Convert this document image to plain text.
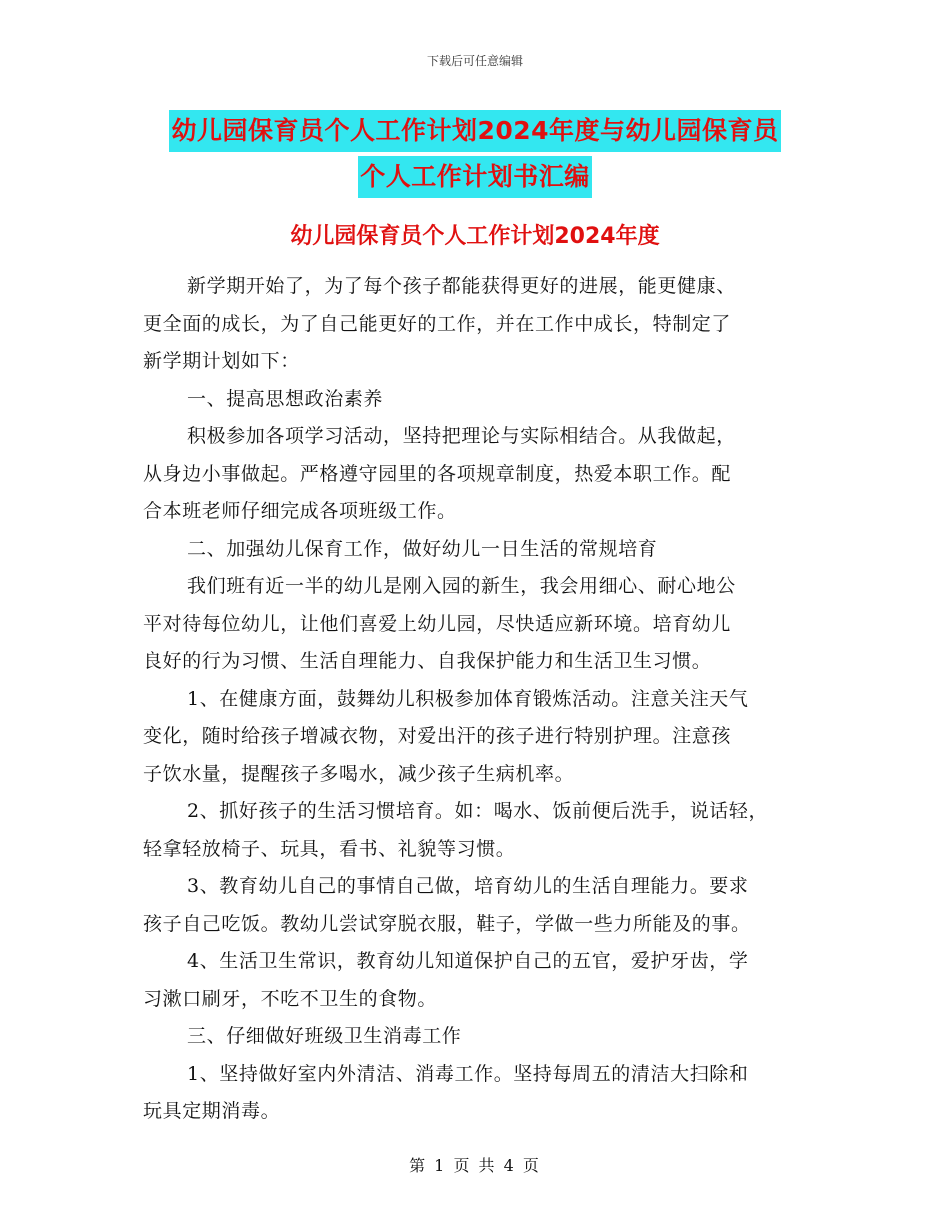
下载后可任意编辑
幼儿园保育员个人工作计划2024年度与幼儿园保育员
个人工作计划书汇编
幼儿园保育员个人工作计划2024年度

新学期开始了，为了每个孩子都能获得更好的进展，能更健康、

更全面的成长，为了自己能更好的工作，并在工作中成长，特制定了

新学期计划如下：

一、提高思想政治素养

积极参加各项学习活动，坚持把理论与实际相结合。从我做起，

从身边小事做起。严格遵守园里的各项规章制度，热爱本职工作。配

合本班老师仔细完成各项班级工作。

二、加强幼儿保育工作，做好幼儿一日生活的常规培育

我们班有近一半的幼儿是刚入园的新生，我会用细心、耐心地公

平对待每位幼儿，让他们喜爱上幼儿园，尽快适应新环境。培育幼儿

良好的行为习惯、生活自理能力、自我保护能力和生活卫生习惯。

1、在健康方面，鼓舞幼儿积极参加体育锻炼活动。注意关注天气

变化，随时给孩子增减衣物，对爱出汗的孩子进行特别护理。注意孩

子饮水量，提醒孩子多喝水，减少孩子生病机率。

2、抓好孩子的生活习惯培育。如：喝水、饭前便后洗手，说话轻，

轻拿轻放椅子、玩具，看书、礼貌等习惯。

3、教育幼儿自己的事情自己做，培育幼儿的生活自理能力。要求

孩子自己吃饭。教幼儿尝试穿脱衣服，鞋子，学做一些力所能及的事。

4、生活卫生常识，教育幼儿知道保护自己的五官，爱护牙齿，学

习漱口刷牙，不吃不卫生的食物。

三、仔细做好班级卫生消毒工作

1、坚持做好室内外清洁、消毒工作。坚持每周五的清洁大扫除和

玩具定期消毒。

第 1 页 共 4 页
